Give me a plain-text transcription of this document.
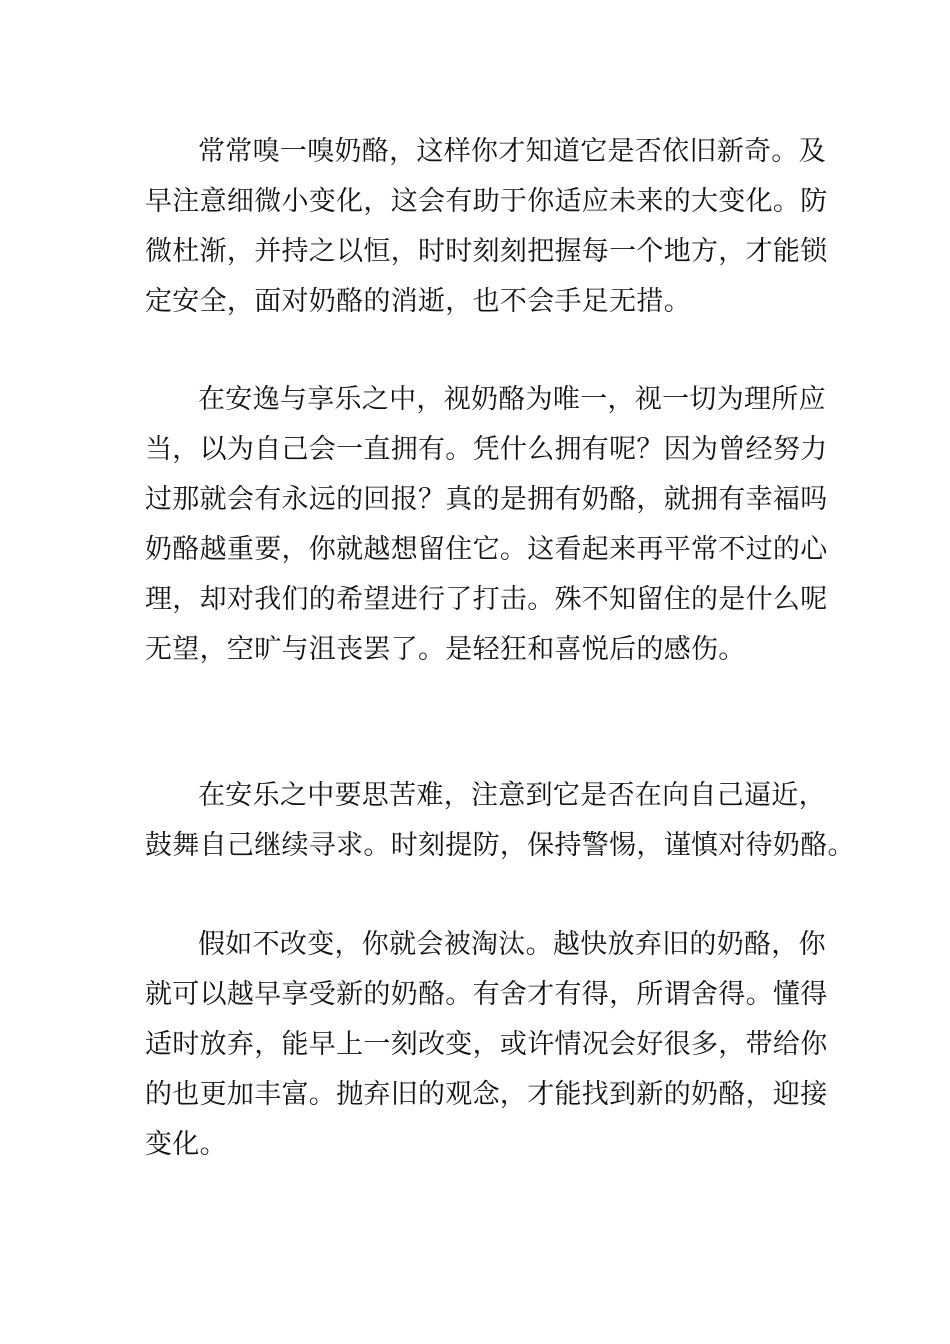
常常嗅一嗅奶酪，这样你才知道它是否依旧新奇。及
早注意细微小变化，这会有助于你适应未来的大变化。防
微杜渐，并持之以恒，时时刻刻把握每一个地方，才能锁
定安全，面对奶酪的消逝，也不会手足无措。
在安逸与享乐之中，视奶酪为唯一，视一切为理所应
当，以为自己会一直拥有。凭什么拥有呢？因为曾经努力
过那就会有永远的回报？真的是拥有奶酪，就拥有幸福吗
奶酪越重要，你就越想留住它。这看起来再平常不过的心
理，却对我们的希望进行了打击。殊不知留住的是什么呢
无望，空旷与沮丧罢了。是轻狂和喜悦后的感伤。
在安乐之中要思苦难，注意到它是否在向自己逼近，
鼓舞自己继续寻求。时刻提防，保持警惕，谨慎对待奶酪。
假如不改变，你就会被淘汰。越快放弃旧的奶酪，你
就可以越早享受新的奶酪。有舍才有得，所谓舍得。懂得
适时放弃，能早上一刻改变，或许情况会好很多，带给你
的也更加丰富。抛弃旧的观念，才能找到新的奶酪，迎接
变化。
